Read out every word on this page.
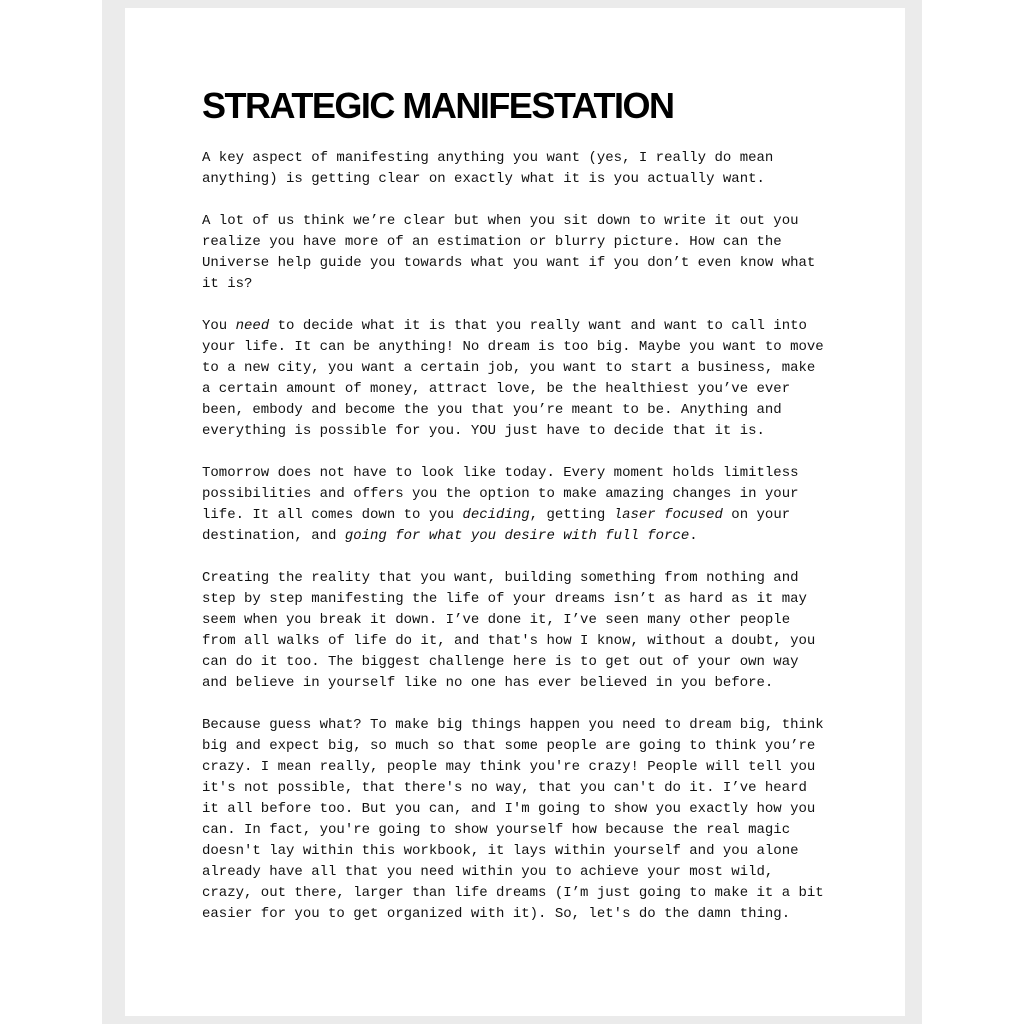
STRATEGIC MANIFESTATION

A key aspect of manifesting anything you want (yes, I really do mean
anything) is getting clear on exactly what it is you actually want.

A lot of us think we’re clear but when you sit down to write it out you
realize you have more of an estimation or blurry picture. How can the
Universe help guide you towards what you want if you don’t even know what
it is?

You need to decide what it is that you really want and want to call into
your life. It can be anything! No dream is too big. Maybe you want to move
to a new city, you want a certain job, you want to start a business, make
a certain amount of money, attract love, be the healthiest you’ve ever
been, embody and become the you that you’re meant to be. Anything and
everything is possible for you. YOU just have to decide that it is.

Tomorrow does not have to look like today. Every moment holds limitless
possibilities and offers you the option to make amazing changes in your
life. It all comes down to you deciding, getting laser focused on your
destination, and going for what you desire with full force.

Creating the reality that you want, building something from nothing and
step by step manifesting the life of your dreams isn’t as hard as it may
seem when you break it down. I’ve done it, I’ve seen many other people
from all walks of life do it, and that's how I know, without a doubt, you
can do it too. The biggest challenge here is to get out of your own way
and believe in yourself like no one has ever believed in you before.

Because guess what? To make big things happen you need to dream big, think
big and expect big, so much so that some people are going to think you’re
crazy. I mean really, people may think you're crazy! People will tell you
it's not possible, that there's no way, that you can't do it. I’ve heard
it all before too. But you can, and I'm going to show you exactly how you
can. In fact, you're going to show yourself how because the real magic
doesn't lay within this workbook, it lays within yourself and you alone
already have all that you need within you to achieve your most wild,
crazy, out there, larger than life dreams (I’m just going to make it a bit
easier for you to get organized with it). So, let's do the damn thing.
